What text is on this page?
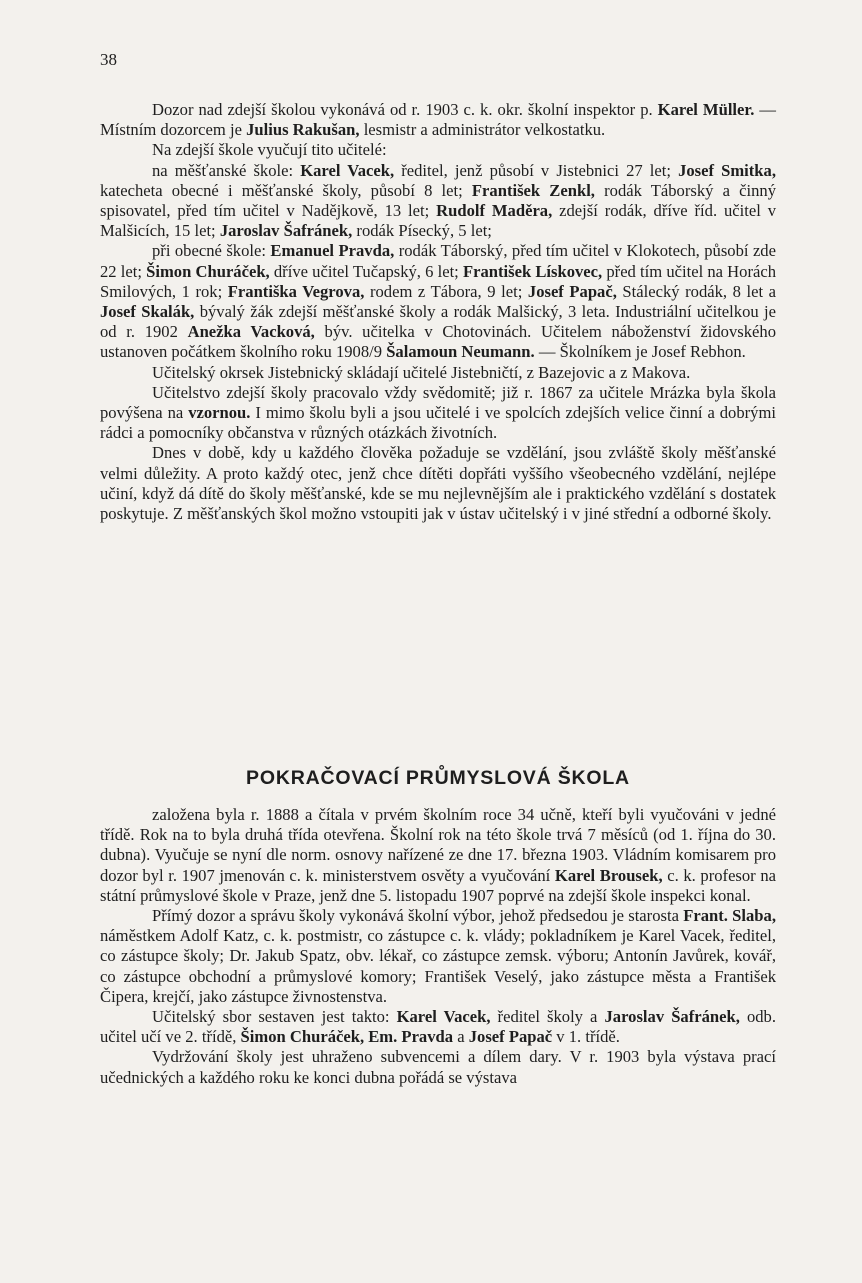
38

Dozor nad zdejší školou vykonává od r. 1903 c. k. okr. školní inspektor p. Karel Müller. — Místním dozorcem je Julius Rakušan, lesmistr a administrátor velkostatku.

Na zdejší škole vyučují tito učitelé:

na měšťanské škole: Karel Vacek, ředitel, jenž působí v Jistebnici 27 let; Josef Smitka, katecheta obecné i měšťanské školy, působí 8 let; František Zenkl, rodák Táborský a činný spisovatel, před tím učitel v Nadějkově, 13 let; Rudolf Maděra, zdejší rodák, dříve říd. učitel v Malšicích, 15 let; Jaroslav Šafránek, rodák Písecký, 5 let;

při obecné škole: Emanuel Pravda, rodák Táborský, před tím učitel v Klokotech, působí zde 22 let; Šimon Churáček, dříve učitel Tučapský, 6 let; František Lískovec, před tím učitel na Horách Smilových, 1 rok; Františka Vegrova, rodem z Tábora, 9 let; Josef Papač, Stálecký rodák, 8 let a Josef Skalák, bývalý žák zdejší měšťanské školy a rodák Malšický, 3 leta. Industriální učitelkou je od r. 1902 Anežka Vacková, býv. učitelka v Chotovinách. Učitelem náboženství židovského ustanoven počátkem školního roku 1908/9 Šalamoun Neumann. — Školníkem je Josef Rebhon.

Učitelský okrsek Jistebnický skládají učitelé Jistebničtí, z Bazejovic a z Makova.

Učitelstvo zdejší školy pracovalo vždy svědomitě; již r. 1867 za učitele Mrázka byla škola povýšena na vzornou. I mimo školu byli a jsou učitelé i ve spolcích zdejších velice činní a dobrými rádci a pomocníky občanstva v různých otázkách životních.

Dnes v době, kdy u každého člověka požaduje se vzdělání, jsou zvláště školy měšťanské velmi důležity. A proto každý otec, jenž chce dítěti dopřáti vyššího všeobecného vzdělání, nejlépe učiní, když dá dítě do školy měšťanské, kde se mu nejlevnějším ale i praktického vzdělání s dostatek poskytuje. Z měšťanských škol možno vstoupiti jak v ústav učitelský i v jiné střední a odborné školy.

POKRAČOVACÍ PRŮMYSLOVÁ ŠKOLA

založena byla r. 1888 a čítala v prvém školním roce 34 učně, kteří byli vyučováni v jedné třídě. Rok na to byla druhá třída otevřena. Školní rok na této škole trvá 7 měsíců (od 1. října do 30. dubna). Vyučuje se nyní dle norm. osnovy nařízené ze dne 17. března 1903. Vládním komisarem pro dozor byl r. 1907 jmenován c. k. ministerstvem osvěty a vyučování Karel Brousek, c. k. profesor na státní průmyslové škole v Praze, jenž dne 5. listopadu 1907 poprvé na zdejší škole inspekci konal.

Přímý dozor a správu školy vykonává školní výbor, jehož předsedou je starosta Frant. Slaba, náměstkem Adolf Katz, c. k. postmistr, co zástupce c. k. vlády; pokladníkem je Karel Vacek, ředitel, co zástupce školy; Dr. Jakub Spatz, obv. lékař, co zástupce zemsk. výboru; Antonín Javůrek, kovář, co zástupce obchodní a průmyslové komory; František Veselý, jako zástupce města a František Čipera, krejčí, jako zástupce živnostenstva.

Učitelský sbor sestaven jest takto: Karel Vacek, ředitel školy a Jaroslav Šafránek, odb. učitel učí ve 2. třídě, Šimon Churáček, Em. Pravda a Josef Papač v 1. třídě.

Vydržování školy jest uhraženo subvencemi a dílem dary. V r. 1903 byla výstava prací učednických a každého roku ke konci dubna pořádá se výstava
